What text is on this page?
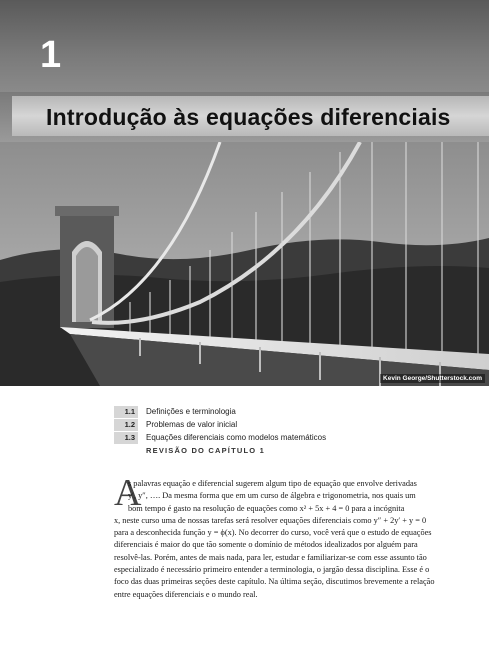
1
Introdução às equações diferenciais
Kevin George/Shutterstock.com
1.1	Definições e terminologia
1.2	Problemas de valor inicial
1.3	Equações diferenciais como modelos matemáticos
REVISÃO DO CAPÍTULO 1
A
s palavras equação e diferencial sugerem algum tipo de equação que envolve derivadas
y′, y″, …. Da mesma forma que em um curso de álgebra e trigonometria, nos quais um
bom tempo é gasto na resolução de equações como x² + 5x + 4 = 0 para a incógnita
x, neste curso uma de nossas tarefas será resolver equações diferenciais como y″ + 2y′ + y = 0
para a desconhecida função y = ϕ(x). No decorrer do curso, você verá que o estudo de equações
diferenciais é maior do que tão somente o domínio de métodos idealizados por alguém para
resolvê-las. Porém, antes de mais nada, para ler, estudar e familiarizar-se com esse assunto tão
especializado é necessário primeiro entender a terminologia, o jargão dessa disciplina. Esse é o
foco das duas primeiras seções deste capítulo. Na última seção, discutimos brevemente a relação
entre equações diferenciais e o mundo real.
